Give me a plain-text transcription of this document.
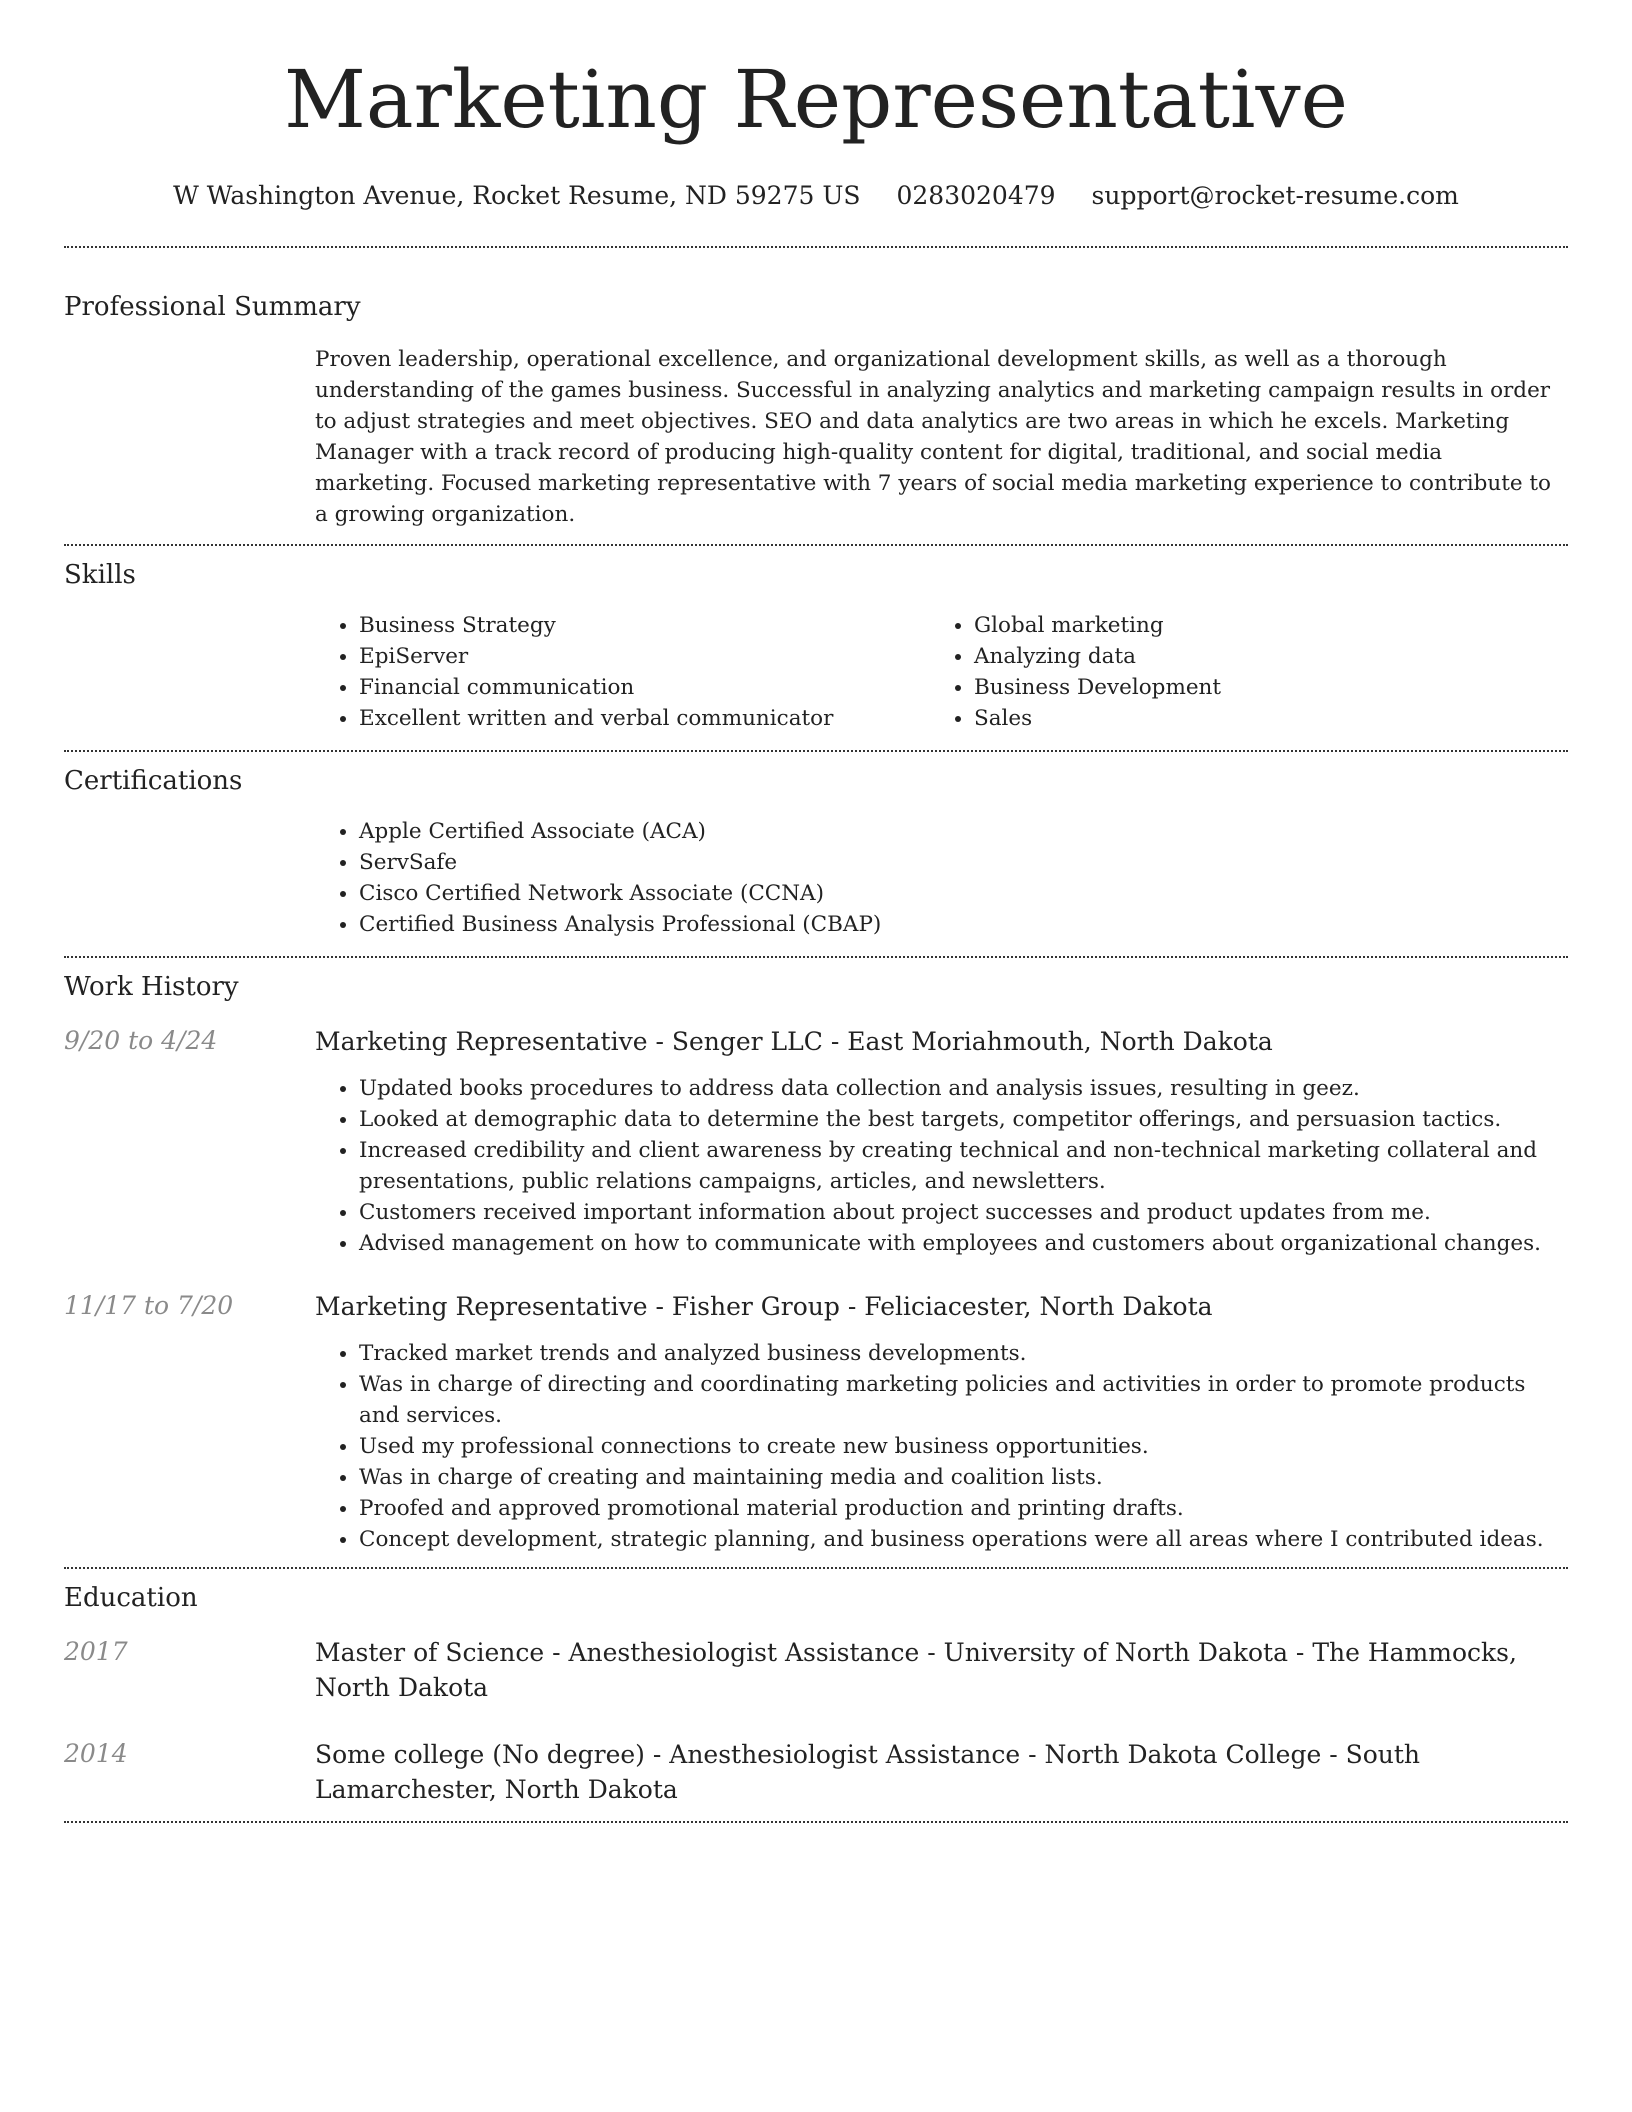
Marketing Representative
W Washington Avenue, Rocket Resume, ND 59275 US 0283020479 support@rocket-resume.com
Professional Summary

Proven leadership, operational excellence, and organizational development skills, as well as a thorough understanding of the games business. Successful in analyzing analytics and marketing campaign results in order to adjust strategies and meet objectives. SEO and data analytics are two areas in which he excels. Marketing Manager with a track record of producing high-quality content for digital, traditional, and social media marketing. Focused marketing representative with 7 years of social media marketing experience to contribute to a growing organization.

Skills
• Business Strategy
• EpiServer
• Financial communication
• Excellent written and verbal communicator
• Global marketing
• Analyzing data
• Business Development
• Sales
Certifications
• Apple Certified Associate (ACA)
• ServSafe
• Cisco Certified Network Associate (CCNA)
• Certified Business Analysis Professional (CBAP)
Work History
9/20 to 4/24	Marketing Representative - Senger LLC - East Moriahmouth, North Dakota
• Updated books procedures to address data collection and analysis issues, resulting in geez.
• Looked at demographic data to determine the best targets, competitor offerings, and persuasion tactics.
• Increased credibility and client awareness by creating technical and non-technical marketing collateral and presentations, public relations campaigns, articles, and newsletters.
• Customers received important information about project successes and product updates from me.
• Advised management on how to communicate with employees and customers about organizational changes.
11/17 to 7/20	Marketing Representative - Fisher Group - Feliciacester, North Dakota
• Tracked market trends and analyzed business developments.
• Was in charge of directing and coordinating marketing policies and activities in order to promote products and services.
• Used my professional connections to create new business opportunities.
• Was in charge of creating and maintaining media and coalition lists.
• Proofed and approved promotional material production and printing drafts.
• Concept development, strategic planning, and business operations were all areas where I contributed ideas.
Education
2017	Master of Science - Anesthesiologist Assistance - University of North Dakota - The Hammocks, North Dakota
2014	Some college (No degree) - Anesthesiologist Assistance - North Dakota College - South Lamarchester, North Dakota
